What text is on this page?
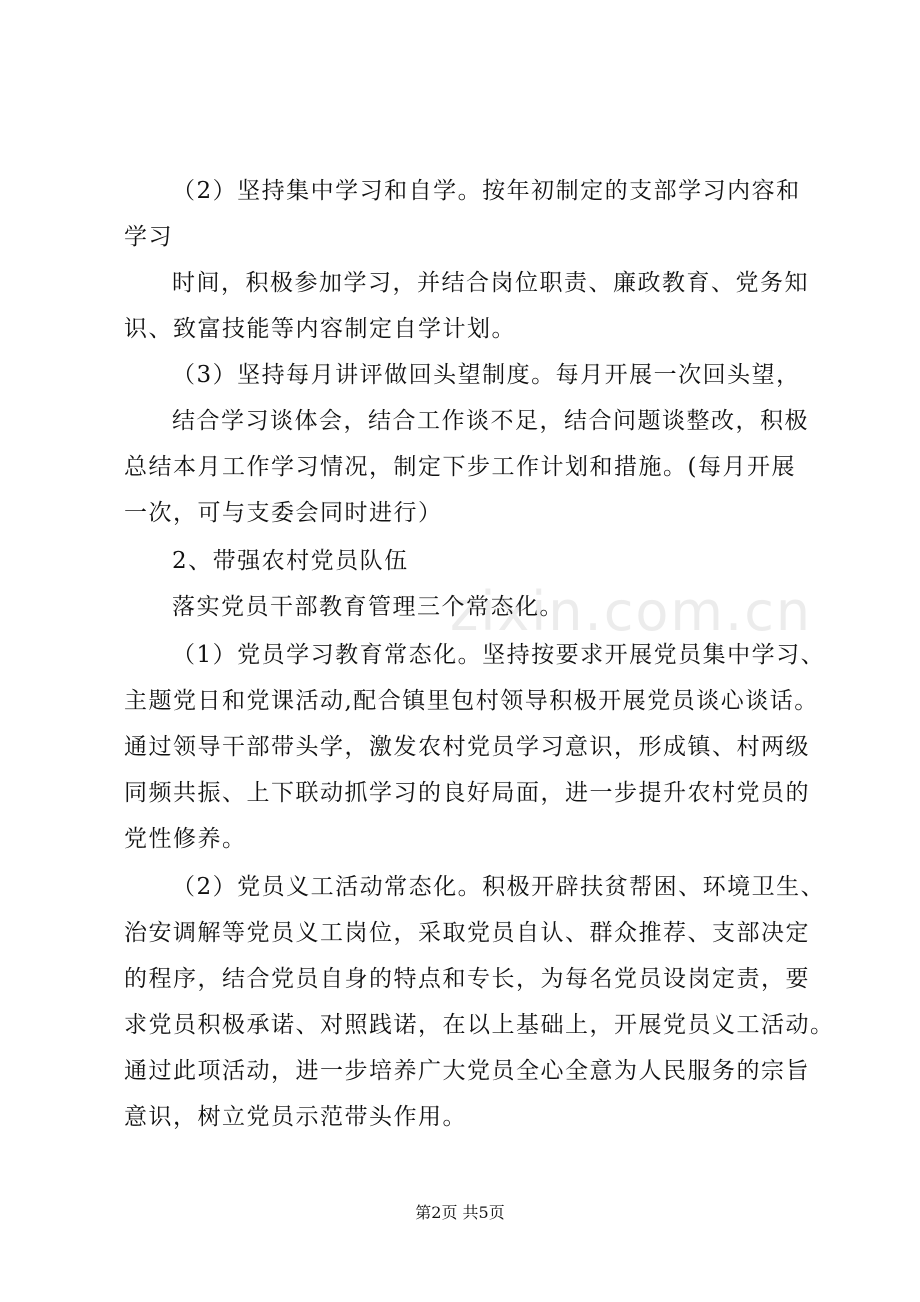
zixin.com.cn
（2）坚持集中学习和自学。按年初制定的支部学习内容和
学习
时间，积极参加学习，并结合岗位职责、廉政教育、党务知
识、致富技能等内容制定自学计划。
（3）坚持每月讲评做回头望制度。每月开展一次回头望，
结合学习谈体会，结合工作谈不足，结合问题谈整改，积极
总结本月工作学习情况，制定下步工作计划和措施。(每月开展
一次，可与支委会同时进行）
2、带强农村党员队伍
落实党员干部教育管理三个常态化。
（1）党员学习教育常态化。坚持按要求开展党员集中学习、
主题党日和党课活动,配合镇里包村领导积极开展党员谈心谈话。
通过领导干部带头学，激发农村党员学习意识，形成镇、村两级
同频共振、上下联动抓学习的良好局面，进一步提升农村党员的
党性修养。
（2）党员义工活动常态化。积极开辟扶贫帮困、环境卫生、
治安调解等党员义工岗位，采取党员自认、群众推荐、支部决定
的程序，结合党员自身的特点和专长，为每名党员设岗定责，要
求党员积极承诺、对照践诺，在以上基础上，开展党员义工活动。
通过此项活动，进一步培养广大党员全心全意为人民服务的宗旨
意识，树立党员示范带头作用。
第2页 共5页
